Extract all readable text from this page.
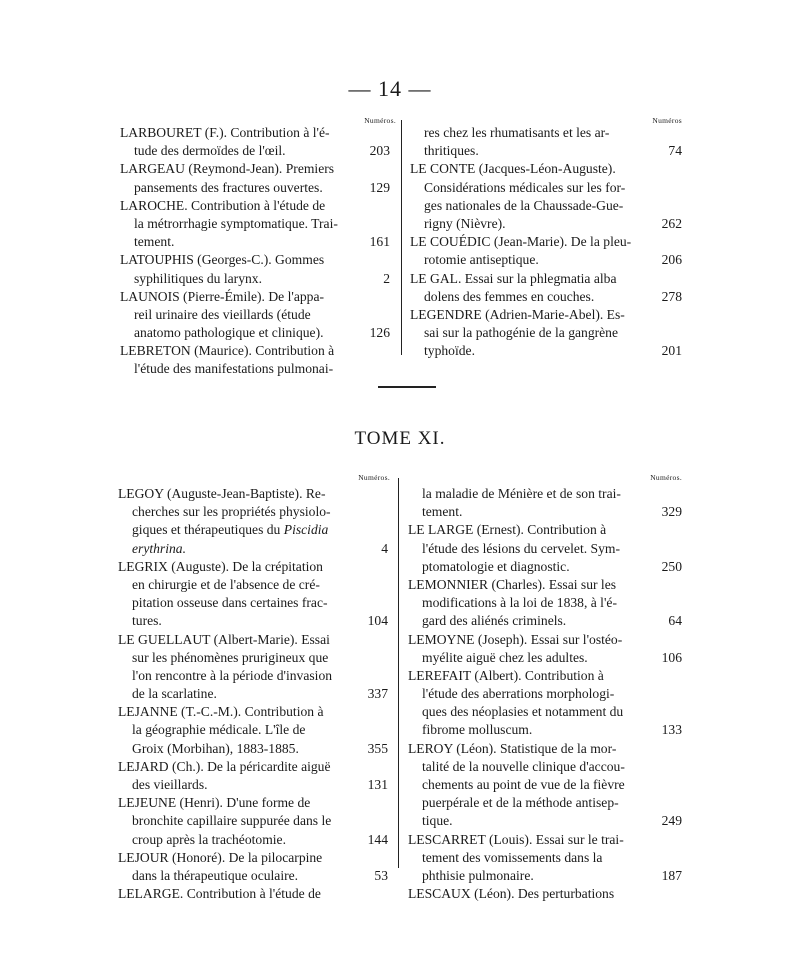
— 14 —
Numéros.	Numéros
LARBOURET (F.). Contribution à l'é-
tude des dermoïdes de l'œil.	203
LARGEAU (Reymond-Jean). Premiers
pansements des fractures ouvertes.	129
LAROCHE. Contribution à l'étude de
la métrorrhagie symptomatique. Trai-
tement.	161
LATOUPHIS (Georges-C.). Gommes
syphilitiques du larynx.	2
LAUNOIS (Pierre-Émile). De l'appa-
reil urinaire des vieillards (étude
anatomo pathologique et clinique).	126
LEBRETON (Maurice). Contribution à
l'étude des manifestations pulmonai-
res chez les rhumatisants et les ar-
thritiques.	74
LE CONTE (Jacques-Léon-Auguste).
Considérations médicales sur les for-
ges nationales de la Chaussade-Gue-
rigny (Nièvre).	262
LE COUÉDIC (Jean-Marie). De la pleu-
rotomie antiseptique.	206
LE GAL. Essai sur la phlegmatia alba
dolens des femmes en couches.	278
LEGENDRE (Adrien-Marie-Abel). Es-
sai sur la pathogénie de la gangrène
typhoïde.	201
TOME XI.
Numéros.	Numéros.
LEGOY (Auguste-Jean-Baptiste). Re-
cherches sur les propriétés physiolo-
giques et thérapeutiques du Piscidia
erythrina.	4
LEGRIX (Auguste). De la crépitation
en chirurgie et de l'absence de cré-
pitation osseuse dans certaines frac-
tures.	104
LE GUELLAUT (Albert-Marie). Essai
sur les phénomènes prurigineux que
l'on rencontre à la période d'invasion
de la scarlatine.	337
LEJANNE (T.-C.-M.). Contribution à
la géographie médicale. L'île de
Groix (Morbihan), 1883-1885.	355
LEJARD (Ch.). De la péricardite aiguë
des vieillards.	131
LEJEUNE (Henri). D'une forme de
bronchite capillaire suppurée dans le
croup après la trachéotomie.	144
LEJOUR (Honoré). De la pilocarpine
dans la thérapeutique oculaire.	53
LELARGE. Contribution à l'étude de
la maladie de Ménière et de son trai-
tement.	329
LE LARGE (Ernest). Contribution à
l'étude des lésions du cervelet. Sym-
ptomatologie et diagnostic.	250
LEMONNIER (Charles). Essai sur les
modifications à la loi de 1838, à l'é-
gard des aliénés criminels.	64
LEMOYNE (Joseph). Essai sur l'ostéo-
myélite aiguë chez les adultes.	106
LEREFAIT (Albert). Contribution à
l'étude des aberrations morphologi-
ques des néoplasies et notamment du
fibrome molluscum.	133
LEROY (Léon). Statistique de la mor-
talité de la nouvelle clinique d'accou-
chements au point de vue de la fièvre
puerpérale et de la méthode antisep-
tique.	249
LESCARRET (Louis). Essai sur le trai-
tement des vomissements dans la
phthisie pulmonaire.	187
LESCAUX (Léon). Des perturbations
